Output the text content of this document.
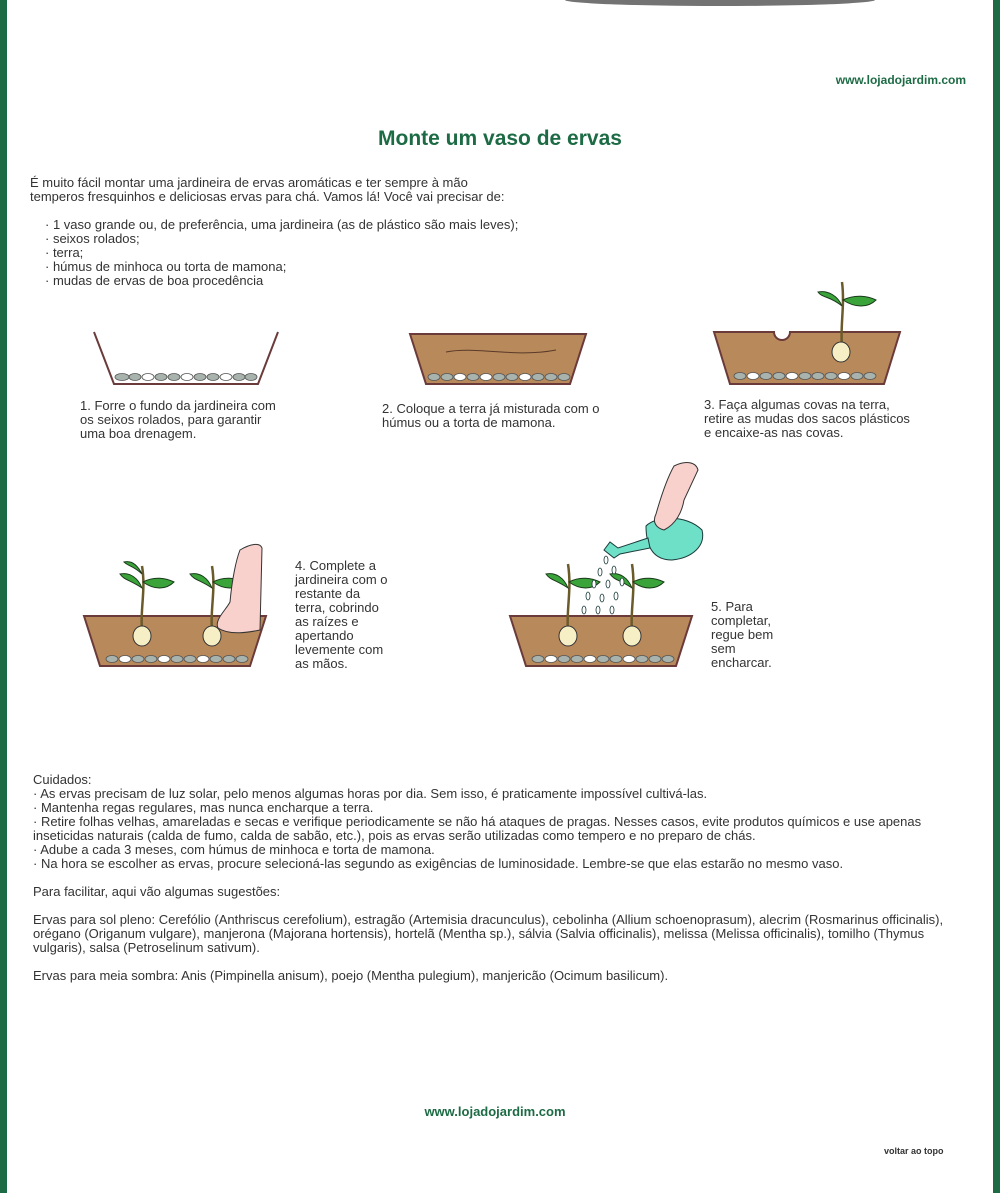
www.lojadojardim.com
Monte um vaso de ervas

É muito fácil montar uma jardineira de ervas aromáticas e ter sempre à mão
temperos fresquinhos e deliciosas ervas para chá. Vamos lá! Você vai precisar de:

· 1 vaso grande ou, de preferência, uma jardineira (as de plástico são mais leves);
· seixos rolados;
· terra;
· húmus de minhoca ou torta de mamona;
· mudas de ervas de boa procedência

1. Forre o fundo da jardineira com
os seixos rolados, para garantir
uma boa drenagem.

2. Coloque a terra já misturada com o
húmus ou a torta de mamona.

3. Faça algumas covas na terra,
retire as mudas dos sacos plásticos
e encaixe-as nas covas.

4. Complete a
jardineira com o
restante da
terra, cobrindo
as raízes e
apertando
levemente com
as mãos.

5. Para
completar,
regue bem
sem
encharcar.

Cuidados:

· As ervas precisam de luz solar, pelo menos algumas horas por dia. Sem isso, é praticamente impossível cultivá-las.

· Mantenha regas regulares, mas nunca encharque a terra.

· Retire folhas velhas, amareladas e secas e verifique periodicamente se não há ataques de pragas. Nesses casos, evite produtos químicos e use apenas inseticidas naturais (calda de fumo, calda de sabão, etc.), pois as ervas serão utilizadas como tempero e no preparo de chás.

· Adube a cada 3 meses, com húmus de minhoca e torta de mamona.

· Na hora se escolher as ervas, procure selecioná-las segundo as exigências de luminosidade. Lembre-se que elas estarão no mesmo vaso.

Para facilitar, aqui vão algumas sugestões:

Ervas para sol pleno: Cerefólio (Anthriscus cerefolium), estragão (Artemisia dracunculus), cebolinha (Allium schoenoprasum), alecrim (Rosmarinus officinalis), orégano (Origanum vulgare), manjerona (Majorana hortensis), hortelã (Mentha sp.), sálvia (Salvia officinalis), melissa (Melissa officinalis), tomilho (Thymus vulgaris), salsa (Petroselinum sativum).

Ervas para meia sombra: Anis (Pimpinella anisum), poejo (Mentha pulegium), manjericão (Ocimum basilicum).

www.lojadojardim.com
voltar ao topo
